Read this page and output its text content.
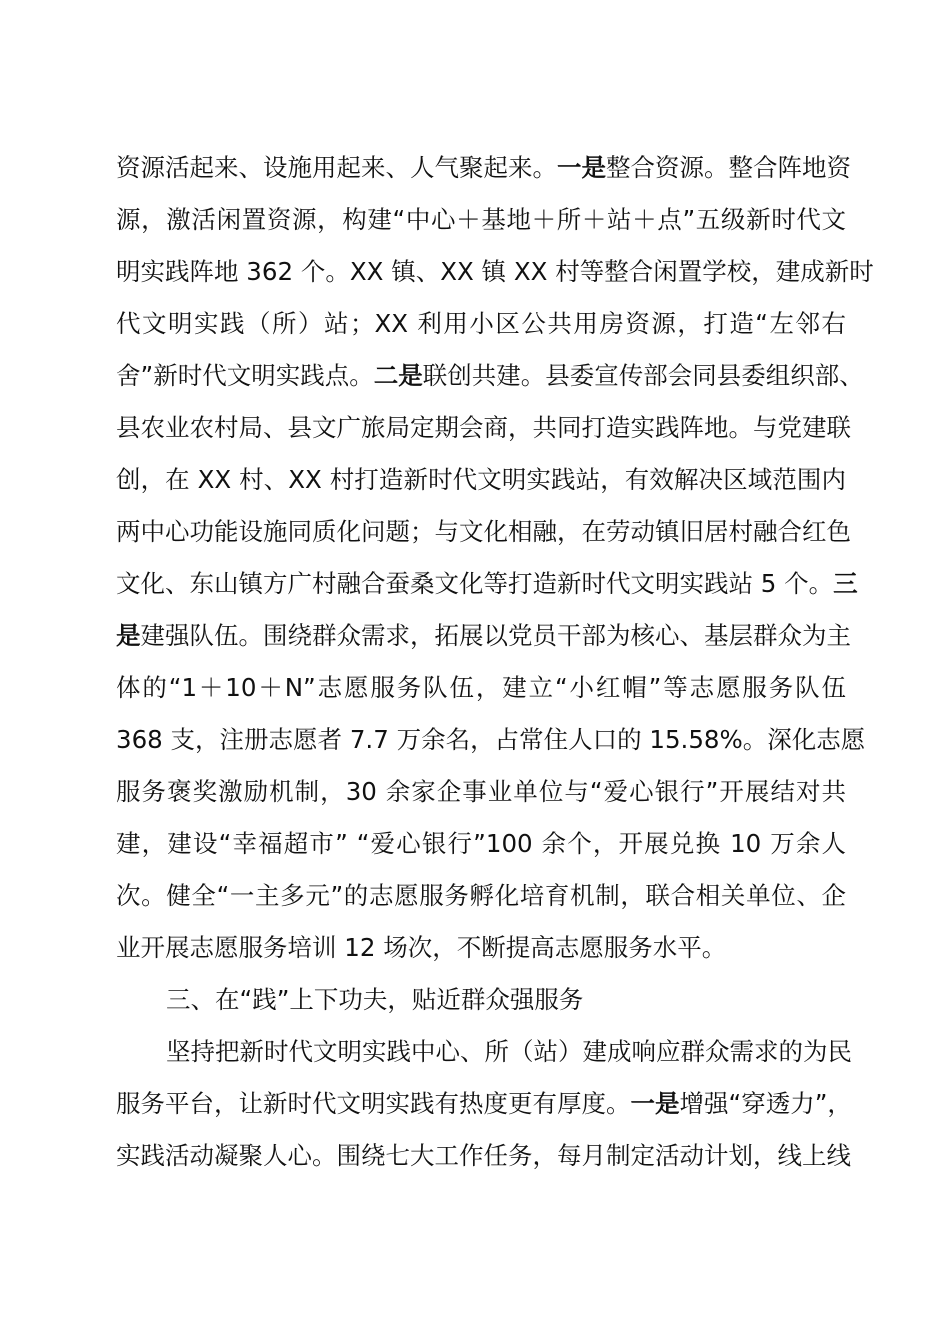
资源活起来、设施用起来、人气聚起来。一是整合资源。整合阵地资
源，激活闲置资源，构建“中心＋基地＋所＋站＋点”五级新时代文
明实践阵地 362 个。XX 镇、XX 镇 XX 村等整合闲置学校，建成新时
代文明实践（所）站；XX 利用小区公共用房资源，打造“左邻右
舍”新时代文明实践点。二是联创共建。县委宣传部会同县委组织部、
县农业农村局、县文广旅局定期会商，共同打造实践阵地。与党建联
创，在 XX 村、XX 村打造新时代文明实践站，有效解决区域范围内
两中心功能设施同质化问题；与文化相融，在劳动镇旧居村融合红色
文化、东山镇方广村融合蚕桑文化等打造新时代文明实践站 5 个。三
是建强队伍。围绕群众需求，拓展以党员干部为核心、基层群众为主
体的“1＋10＋N”志愿服务队伍，建立“小红帽”等志愿服务队伍
368 支，注册志愿者 7.7 万余名，占常住人口的 15.58%。深化志愿
服务褒奖激励机制，30 余家企事业单位与“爱心银行”开展结对共
建，建设“幸福超市” “爱心银行”100 余个，开展兑换 10 万余人
次。健全“一主多元”的志愿服务孵化培育机制，联合相关单位、企
业开展志愿服务培训 12 场次，不断提高志愿服务水平。
三、在“践”上下功夫，贴近群众强服务
坚持把新时代文明实践中心、所（站）建成响应群众需求的为民
服务平台，让新时代文明实践有热度更有厚度。一是增强“穿透力”，
实践活动凝聚人心。围绕七大工作任务，每月制定活动计划，线上线
